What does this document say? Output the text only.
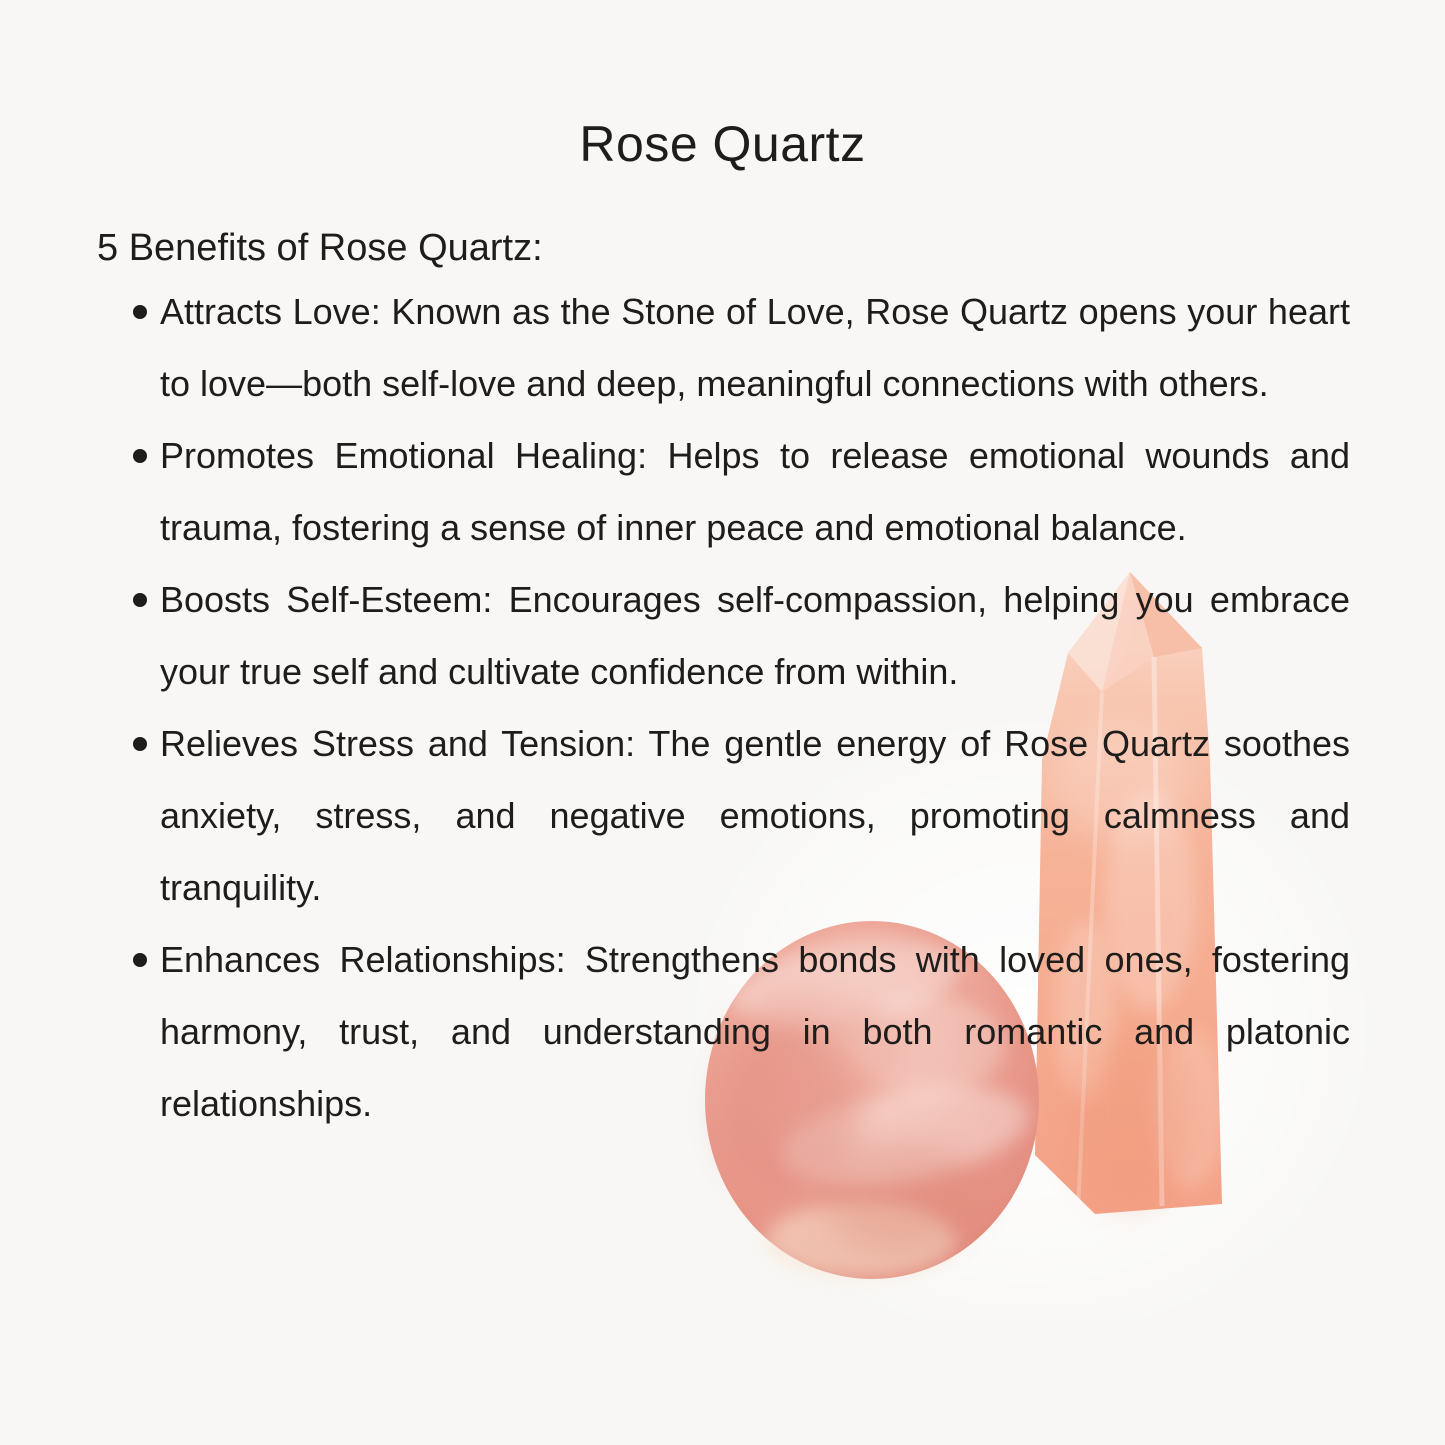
Rose Quartz
5 Benefits of Rose Quartz:
Attracts Love: Known as the Stone of Love, Rose Quartz opens your heart to love—both self-love and deep, meaningful connections with others.
Promotes Emotional Healing: Helps to release emotional wounds and trauma, fostering a sense of inner peace and emotional balance.
Boosts Self-Esteem: Encourages self-compassion, helping you embrace your true self and cultivate confidence from within.
Relieves Stress and Tension: The gentle energy of Rose Quartz soothes anxiety, stress, and negative emotions, promoting calmness and tranquility.
Enhances Relationships: Strengthens bonds with loved ones, fostering harmony, trust, and understanding in both romantic and platonic relationships.
